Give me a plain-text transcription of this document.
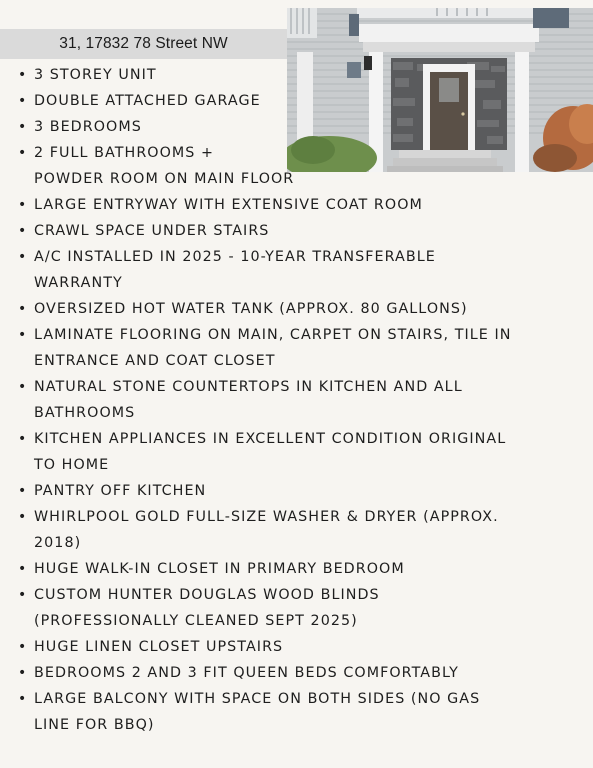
31, 17832 78 Street NW
• 3 STOREY UNIT
• DOUBLE ATTACHED GARAGE
• 3 BEDROOMS
• 2 FULL BATHROOMS +
POWDER ROOM ON MAIN FLOOR
• LARGE ENTRYWAY WITH EXTENSIVE COAT ROOM
• CRAWL SPACE UNDER STAIRS
• A/C INSTALLED IN 2025 - 10-YEAR TRANSFERABLE
WARRANTY
• OVERSIZED HOT WATER TANK (APPROX. 80 GALLONS)
• LAMINATE FLOORING ON MAIN, CARPET ON STAIRS, TILE IN
ENTRANCE AND COAT CLOSET
• NATURAL STONE COUNTERTOPS IN KITCHEN AND ALL
BATHROOMS
• KITCHEN APPLIANCES IN EXCELLENT CONDITION ORIGINAL
TO HOME
• PANTRY OFF KITCHEN
• WHIRLPOOL GOLD FULL-SIZE WASHER & DRYER (APPROX.
2018)
• HUGE WALK-IN CLOSET IN PRIMARY BEDROOM
• CUSTOM HUNTER DOUGLAS WOOD BLINDS
(PROFESSIONALLY CLEANED SEPT 2025)
• HUGE LINEN CLOSET UPSTAIRS
• BEDROOMS 2 AND 3 FIT QUEEN BEDS COMFORTABLY
• LARGE BALCONY WITH SPACE ON BOTH SIDES (NO GAS
LINE FOR BBQ)
